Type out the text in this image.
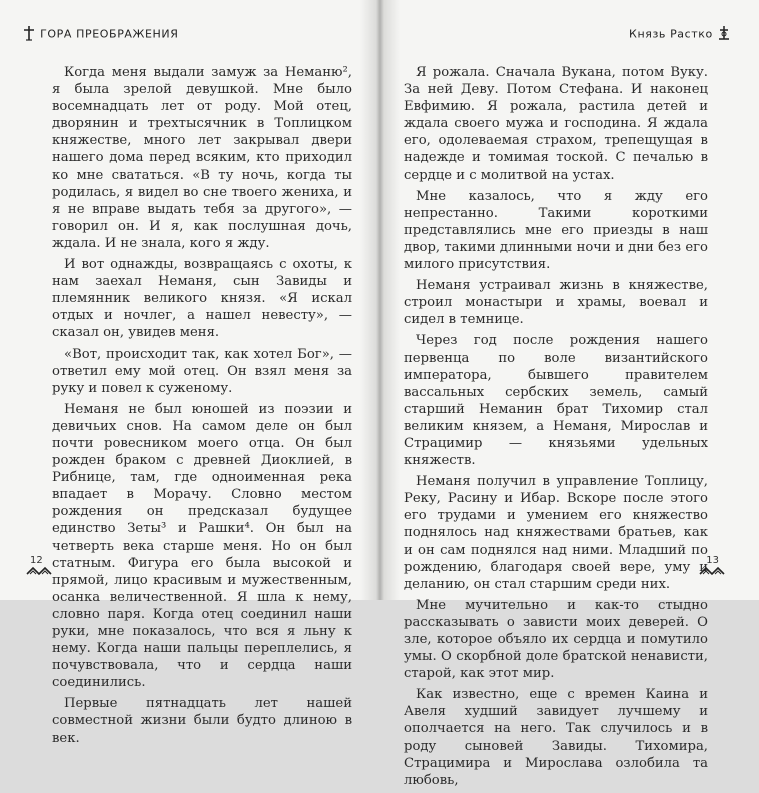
ГОРА ПРЕОБРАЖЕНИЯ

Когда меня выдали замуж за Неманю², я была зрелой девушкой. Мне было восемнадцать лет от роду. Мой отец, дворянин и трехтысячник в Топлицком княжестве, много лет закрывал двери нашего дома перед всяким, кто приходил ко мне свататься. «В ту ночь, когда ты родилась, я видел во сне твоего жениха, и я не вправе выдать тебя за другого», — говорил он. И я, как послушная дочь, ждала. И не знала, кого я жду.

И вот однажды, возвращаясь с охоты, к нам заехал Неманя, сын Завиды и племянник великого князя. «Я искал отдых и ночлег, а нашел невесту», — сказал он, увидев меня.

«Вот, происходит так, как хотел Бог», — ответил ему мой отец. Он взял меня за руку и повел к суженому.

Неманя не был юношей из поэзии и девичьих снов. На самом деле он был почти ровесником моего отца. Он был рожден браком с древней Диоклией, в Рибнице, там, где одноименная река впадает в Морачу. Словно местом рождения он предсказал будущее единство Зеты³ и Рашки⁴. Он был на четверть века старше меня. Но он был статным. Фигура его была высокой и прямой, лицо красивым и мужественным, осанка величественной. Я шла к нему, словно паря. Когда отец соединил наши руки, мне показалось, что вся я льну к нему. Когда наши пальцы переплелись, я почувствовала, что и сердца наши соединились.

Первые пятнадцать лет нашей совместной жизни были будто длиною в век.

12
Князь Растко

Я рожала. Сначала Вукана, потом Вуку. За ней Деву. Потом Стефана. И наконец Евфимию. Я рожала, растила детей и ждала своего мужа и господина. Я ждала его, одолеваемая страхом, трепещущая в надежде и томимая тоской. С печалью в сердце и с молитвой на устах.

Мне казалось, что я жду его непрестанно. Такими короткими представлялись мне его приезды в наш двор, такими длинными ночи и дни без его милого присутствия.

Неманя устраивал жизнь в княжестве, строил монастыри и храмы, воевал и сидел в темнице.

Через год после рождения нашего первенца по воле византийского императора, бывшего правителем вассальных сербских земель, самый старший Неманин брат Тихомир стал великим князем, а Неманя, Мирослав и Страцимир — князьями удельных княжеств.

Неманя получил в управление Топлицу, Реку, Расину и Ибар. Вскоре после этого его трудами и умением его княжество поднялось над княжествами братьев, как и он сам поднялся над ними. Младший по рождению, благодаря своей вере, уму и деланию, он стал старшим среди них.

Мне мучительно и как-то стыдно рассказывать о зависти моих деверей. О зле, которое объяло их сердца и помутило умы. О скорбной доле братской ненависти, старой, как этот мир.

Как известно, еще с времен Каина и Авеля худший завидует лучшему и ополчается на него. Так случилось и в роду сыновей Завиды. Тихомира, Страцимира и Мирослава озлобила та любовь,

13
